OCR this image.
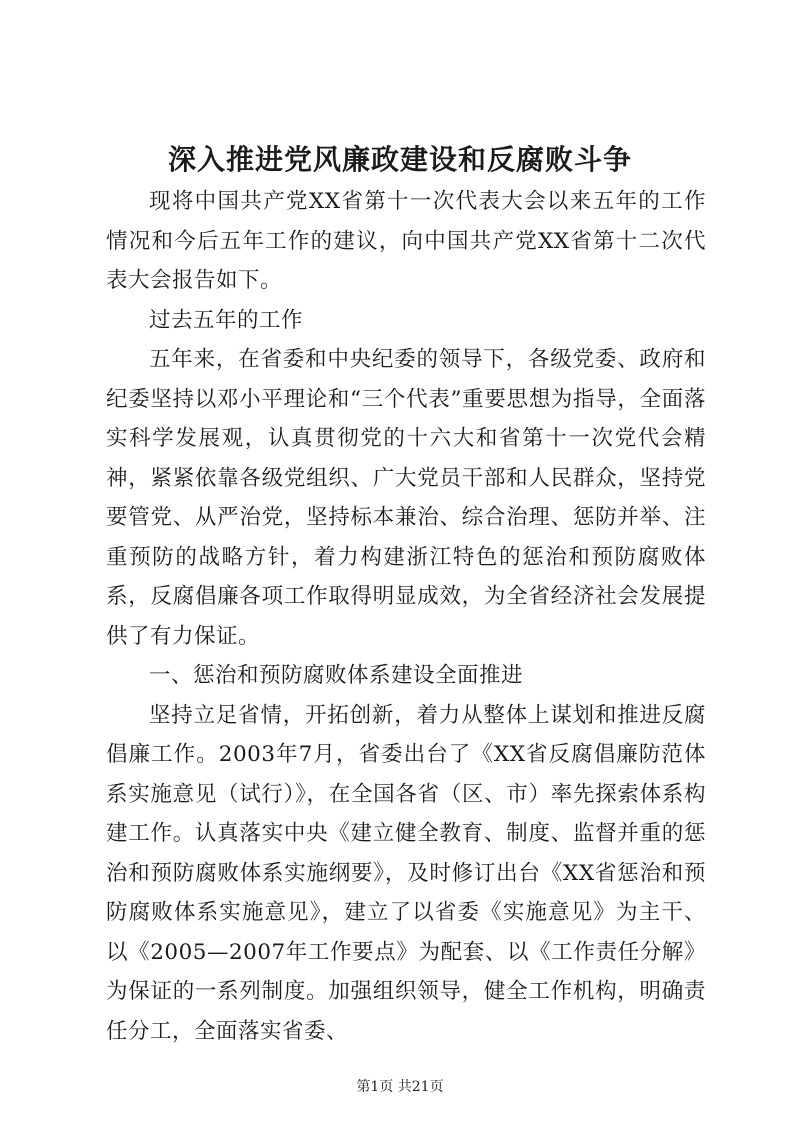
深入推进党风廉政建设和反腐败斗争

现将中国共产党XX省第十一次代表大会以来五年的工作情况和今后五年工作的建议，向中国共产党XX省第十二次代表大会报告如下。

过去五年的工作

五年来，在省委和中央纪委的领导下，各级党委、政府和纪委坚持以邓小平理论和“三个代表”重要思想为指导，全面落实科学发展观，认真贯彻党的十六大和省第十一次党代会精神，紧紧依靠各级党组织、广大党员干部和人民群众，坚持党要管党、从严治党，坚持标本兼治、综合治理、惩防并举、注重预防的战略方针，着力构建浙江特色的惩治和预防腐败体系，反腐倡廉各项工作取得明显成效，为全省经济社会发展提供了有力保证。

一、惩治和预防腐败体系建设全面推进

坚持立足省情，开拓创新，着力从整体上谋划和推进反腐倡廉工作。2003年7月，省委出台了《XX省反腐倡廉防范体系实施意见（试行）》，在全国各省（区、市）率先探索体系构建工作。认真落实中央《建立健全教育、制度、监督并重的惩治和预防腐败体系实施纲要》，及时修订出台《XX省惩治和预防腐败体系实施意见》，建立了以省委《实施意见》为主干、以《2005—2007年工作要点》为配套、以《工作责任分解》为保证的一系列制度。加强组织领导，健全工作机构，明确责任分工，全面落实省委、

第1页 共21页
